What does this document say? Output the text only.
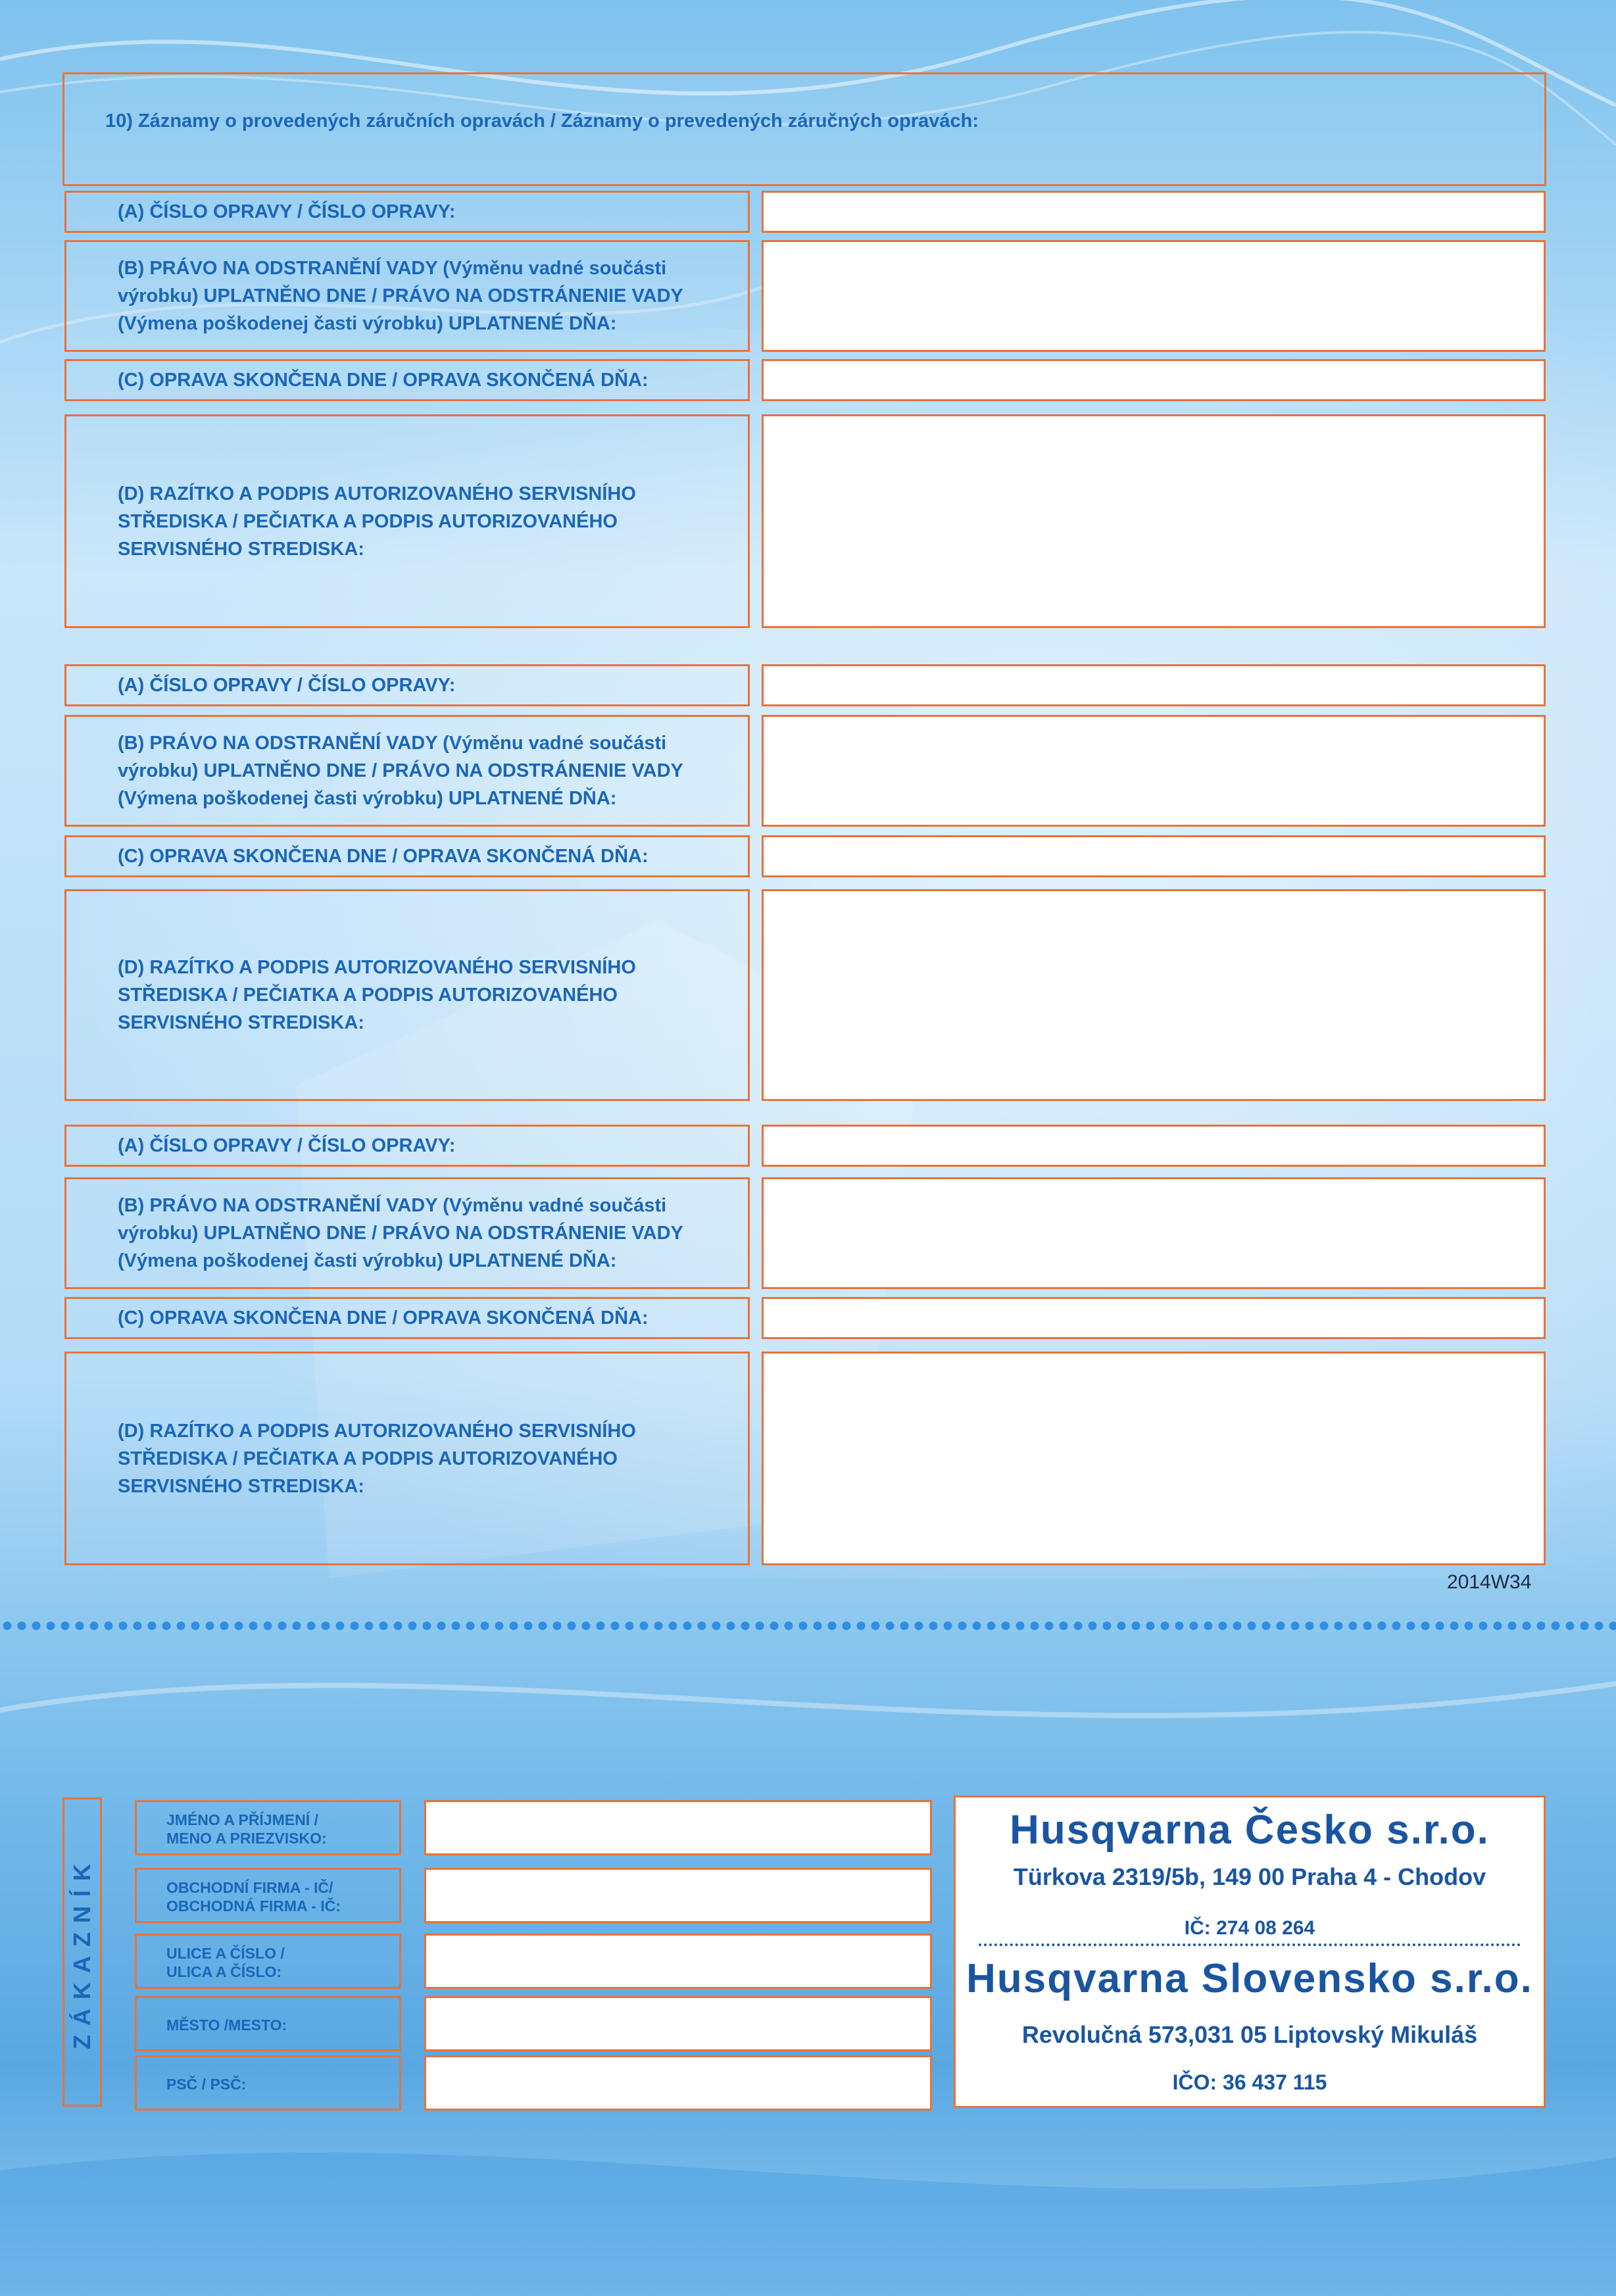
10) Záznamy o provedených záručních opravách / Záznamy o prevedených záručných opravách:
(A) ČÍSLO OPRAVY / ČÍSLO OPRAVY:
(B) PRÁVO NA ODSTRANĚNÍ VADY (Výměnu vadné součásti
výrobku) UPLATNĚNO DNE / PRÁVO NA ODSTRÁNENIE VADY
(Výmena poškodenej časti výrobku) UPLATNENÉ DŇA:
(C) OPRAVA SKONČENA DNE / OPRAVA SKONČENÁ DŇA:
(D) RAZÍTKO A PODPIS AUTORIZOVANÉHO SERVISNÍHO
STŘEDISKA / PEČIATKA A PODPIS AUTORIZOVANÉHO
SERVISNÉHO STREDISKA:
(A) ČÍSLO OPRAVY / ČÍSLO OPRAVY:
(B) PRÁVO NA ODSTRANĚNÍ VADY (Výměnu vadné součásti
výrobku) UPLATNĚNO DNE / PRÁVO NA ODSTRÁNENIE VADY
(Výmena poškodenej časti výrobku) UPLATNENÉ DŇA:
(C) OPRAVA SKONČENA DNE / OPRAVA SKONČENÁ DŇA:
(D) RAZÍTKO A PODPIS AUTORIZOVANÉHO SERVISNÍHO
STŘEDISKA / PEČIATKA A PODPIS AUTORIZOVANÉHO
SERVISNÉHO STREDISKA:
(A) ČÍSLO OPRAVY / ČÍSLO OPRAVY:
(B) PRÁVO NA ODSTRANĚNÍ VADY (Výměnu vadné součásti
výrobku) UPLATNĚNO DNE / PRÁVO NA ODSTRÁNENIE VADY
(Výmena poškodenej časti výrobku) UPLATNENÉ DŇA:
(C) OPRAVA SKONČENA DNE / OPRAVA SKONČENÁ DŇA:
(D) RAZÍTKO A PODPIS AUTORIZOVANÉHO SERVISNÍHO
STŘEDISKA / PEČIATKA A PODPIS AUTORIZOVANÉHO
SERVISNÉHO STREDISKA:
2014W34
ZÁKAZNÍK
JMÉNO A PŘÍJMENÍ /
MENO A PRIEZVISKO:
OBCHODNÍ FIRMA - IČ/
OBCHODNÁ FIRMA - IČ:
ULICE A ČÍSLO /
ULICA A ČÍSLO:
MĚSTO /MESTO:
PSČ / PSČ:
Husqvarna Česko s.r.o.
Türkova 2319/5b, 149 00 Praha 4 - Chodov
IČ: 274 08 264
Husqvarna Slovensko s.r.o.
Revolučná 573,031 05 Liptovský Mikuláš
IČO: 36 437 115
